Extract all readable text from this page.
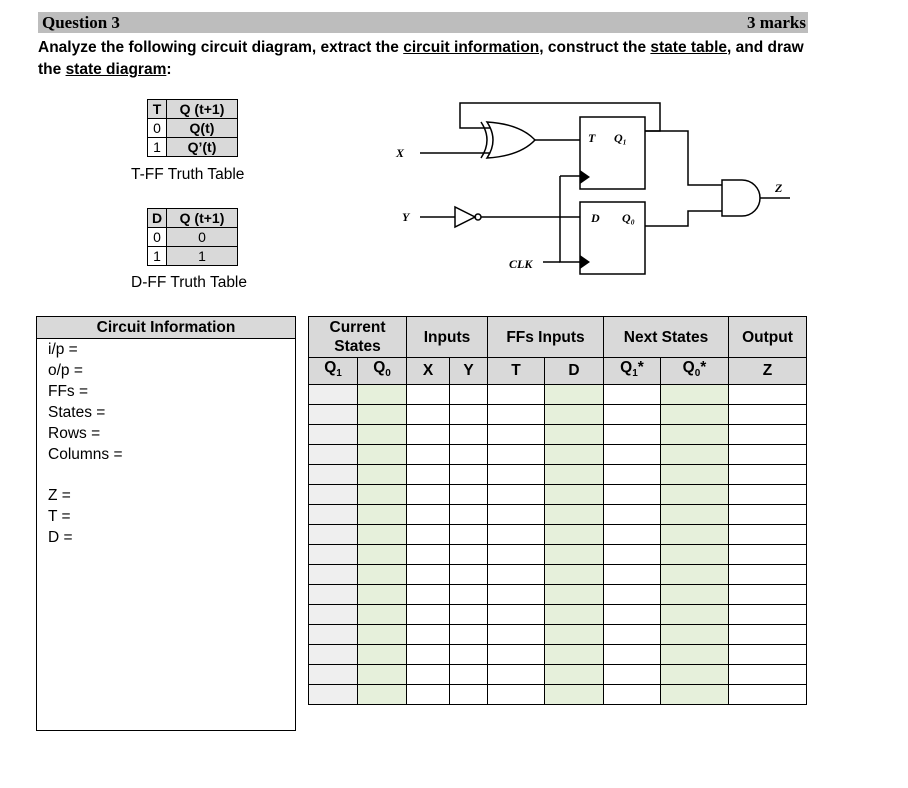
Question 3	3 marks
Analyze the following circuit diagram, extract the circuit information, construct the state table, and draw the state diagram:
T	Q (t+1)
0	Q(t)
1	Q’(t)
T-FF Truth Table
D	Q (t+1)
0	0
1	1
D-FF Truth Table
X
Y
CLK
T Q₁
D Q₀
Z
Circuit Information
i/p =
o/p =
FFs =
States =
Rows =
Columns =
Z =
T =
D =
Current States		Inputs		FFs Inputs		Next States		Output
$Q_1$	$Q_0$	X	Y	T	D	$Q_1*$	$Q_0*$	Z
